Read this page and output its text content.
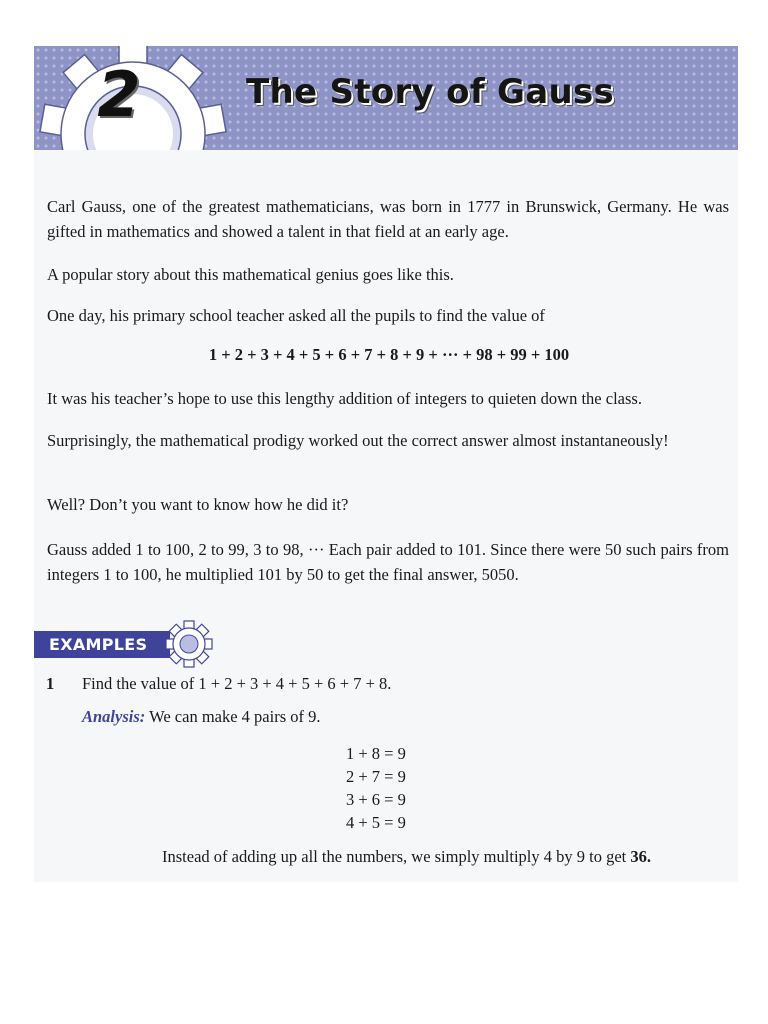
2	The Story of Gauss

Carl Gauss, one of the greatest mathematicians, was born in 1777 in Brunswick, Germany. He was gifted in mathematics and showed a talent in that field at an early age.

A popular story about this mathematical genius goes like this.

One day, his primary school teacher asked all the pupils to find the value of

1 + 2 + 3 + 4 + 5 + 6 + 7 + 8 + 9 + ··· + 98 + 99 + 100

It was his teacher’s hope to use this lengthy addition of integers to quieten down the class.

Surprisingly, the mathematical prodigy worked out the correct answer almost instantaneously!

Well? Don’t you want to know how he did it?

Gauss added 1 to 100, 2 to 99, 3 to 98, ··· Each pair added to 101. Since there were 50 such pairs from integers 1 to 100, he multiplied 101 by 50 to get the final answer, 5050.

EXAMPLES
1 Find the value of 1 + 2 + 3 + 4 + 5 + 6 + 7 + 8.
Analysis: We can make 4 pairs of 9.
1 + 8 = 9
2 + 7 = 9
3 + 6 = 9
4 + 5 = 9
Instead of adding up all the numbers, we simply multiply 4 by 9 to get 36.
